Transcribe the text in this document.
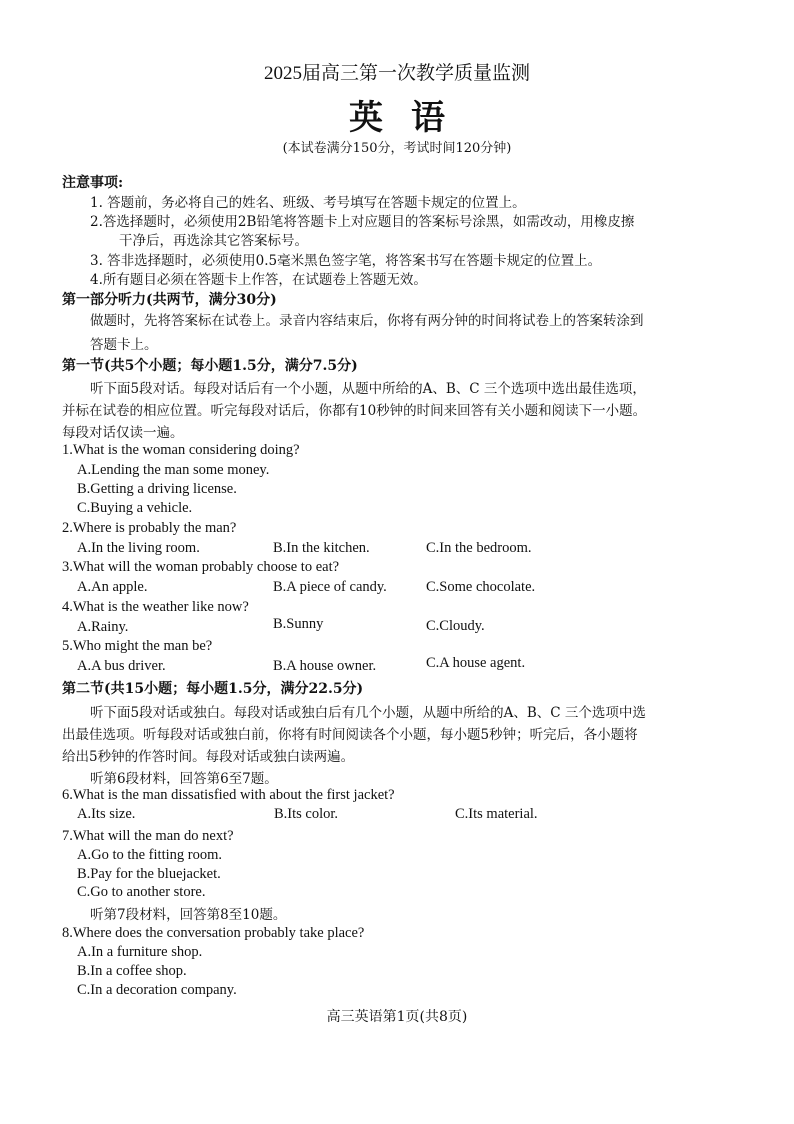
2025届高三第一次教学质量监测
英语
(本试卷满分150分，考试时间120分钟)
注意事项:
1. 答题前，务必将自己的姓名、班级、考号填写在答题卡规定的位置上。
2.答选择题时，必须使用2B铅笔将答题卡上对应题目的答案标号涂黑，如需改动，用橡皮擦
干净后，再选涂其它答案标号。
3. 答非选择题时，必须使用0.5毫米黑色签字笔，将答案书写在答题卡规定的位置上。
4.所有题目必须在答题卡上作答，在试题卷上答题无效。
第一部分听力(共两节，满分30分)
做题时，先将答案标在试卷上。录音内容结束后，你将有两分钟的时间将试卷上的答案转涂到
答题卡上。
第一节(共5个小题；每小题1.5分，满分7.5分)
听下面5段对话。每段对话后有一个小题，从题中所给的A、B、C 三个选项中选出最佳选项，
并标在试卷的相应位置。听完每段对话后，你都有10秒钟的时间来回答有关小题和阅读下一小题。
每段对话仅读一遍。
1.What is the woman considering doing?
A.Lending the man some money.
B.Getting a driving license.
C.Buying a vehicle.
2.Where is probably the man?
A.In the living room.	B.In the kitchen.	C.In the bedroom.
3.What will the woman probably choose to eat?
A.An apple.	B.A piece of candy.	C.Some chocolate.
4.What is the weather like now?
A.Rainy.	B.Sunny	C.Cloudy.
5.Who might the man be?
A.A bus driver.	B.A house owner.	C.A house agent.
第二节(共15小题；每小题1.5分，满分22.5分)
听下面5段对话或独白。每段对话或独白后有几个小题，从题中所给的A、B、C 三个选项中选
出最佳选项。听每段对话或独白前，你将有时间阅读各个小题，每小题5秒钟；听完后，各小题将
给出5秒钟的作答时间。每段对话或独白读两遍。
听第6段材料，回答第6至7题。
6.What is the man dissatisfied with about the first jacket?
A.Its size.	B.Its color.	C.Its material.
7.What will the man do next?
A.Go to the fitting room.
B.Pay for the bluejacket.
C.Go to another store.
听第7段材料，回答第8至10题。
8.Where does the conversation probably take place?
A.In a furniture shop.
B.In a coffee shop.
C.In a decoration company.
高三英语第1页(共8页)
